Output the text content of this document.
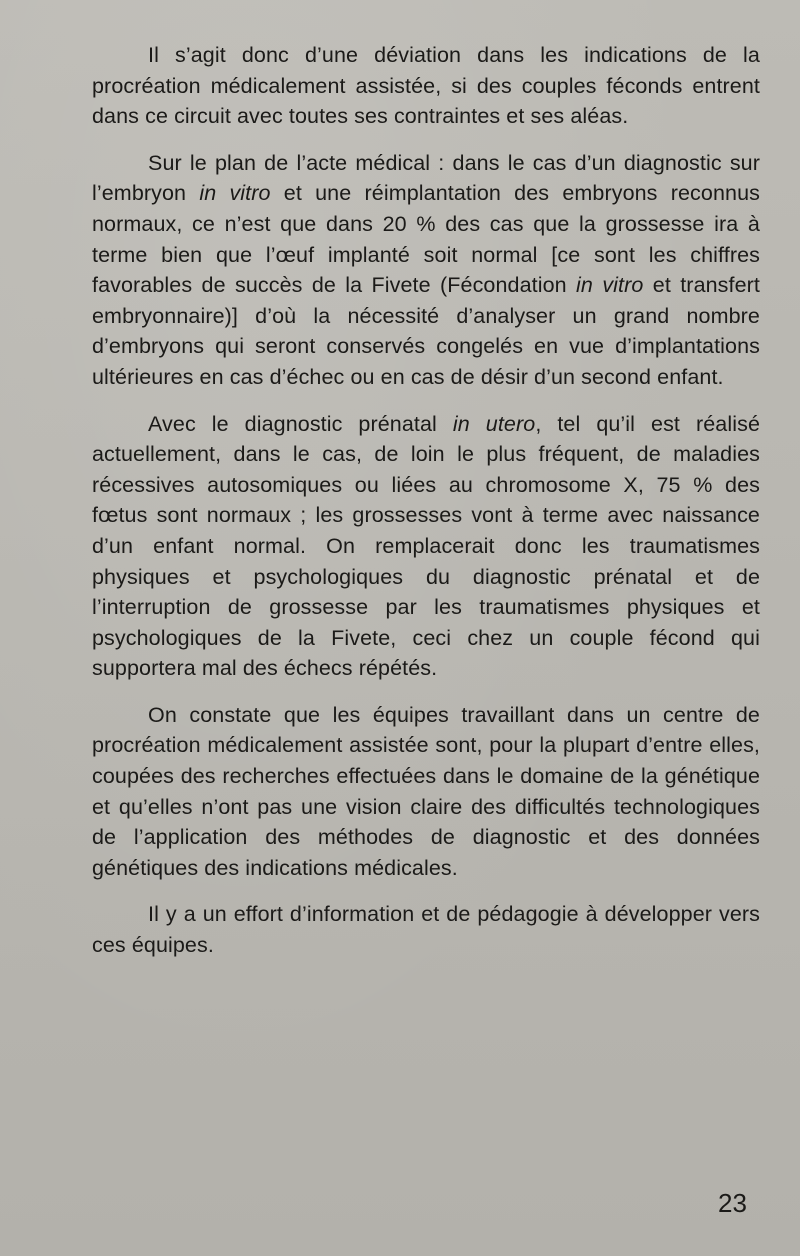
Il s’agit donc d’une déviation dans les indications de la procréation médicalement assistée, si des couples féconds entrent dans ce circuit avec toutes ses contraintes et ses aléas.

Sur le plan de l’acte médical : dans le cas d’un diagnostic sur l’embryon in vitro et une réimplantation des embryons reconnus normaux, ce n’est que dans 20 % des cas que la grossesse ira à terme bien que l’œuf implanté soit normal [ce sont les chiffres favorables de succès de la Fivete (Fécondation in vitro et transfert embryonnaire)] d’où la nécessité d’analyser un grand nombre d’embryons qui seront conservés congelés en vue d’implantations ultérieures en cas d’échec ou en cas de désir d’un second enfant.

Avec le diagnostic prénatal in utero, tel qu’il est réalisé actuellement, dans le cas, de loin le plus fréquent, de maladies récessives autosomiques ou liées au chromosome X, 75 % des fœtus sont normaux ; les grossesses vont à terme avec naissance d’un enfant normal. On remplacerait donc les traumatismes physiques et psychologiques du diagnostic prénatal et de l’interruption de grossesse par les traumatismes physiques et psychologiques de la Fivete, ceci chez un couple fécond qui supportera mal des échecs répétés.

On constate que les équipes travaillant dans un centre de procréation médicalement assistée sont, pour la plupart d’entre elles, coupées des recherches effectuées dans le domaine de la génétique et qu’elles n’ont pas une vision claire des difficultés technologiques de l’application des méthodes de diagnostic et des données génétiques des indications médicales.

Il y a un effort d’information et de pédagogie à développer vers ces équipes.

23
